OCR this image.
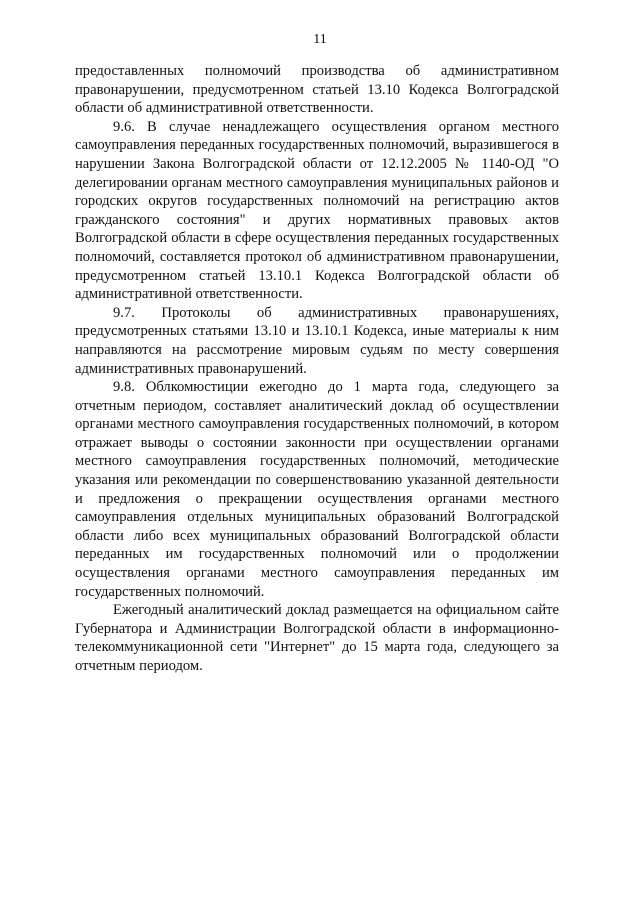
11

предоставленных полномочий производства об административном правонарушении, предусмотренном статьей 13.10 Кодекса Волгоградской области об административной ответственности.

9.6. В случае ненадлежащего осуществления органом местного самоуправления переданных государственных полномочий, выразившегося в нарушении Закона Волгоградской области от 12.12.2005 № 1140-ОД "О делегировании органам местного самоуправления муниципальных районов и городских округов государственных полномочий на регистрацию актов гражданского состояния" и других нормативных правовых актов Волгоградской области в сфере осуществления переданных государственных полномочий, составляется протокол об административном правонарушении, предусмотренном статьей 13.10.1 Кодекса Волгоградской области об административной ответственности.

9.7. Протоколы об административных правонарушениях, предусмотренных статьями 13.10 и 13.10.1 Кодекса, иные материалы к ним направляются на рассмотрение мировым судьям по месту совершения административных правонарушений.

9.8. Облкомюстиции ежегодно до 1 марта года, следующего за отчетным периодом, составляет аналитический доклад об осуществлении органами местного самоуправления государственных полномочий, в котором отражает выводы о состоянии законности при осуществлении органами местного самоуправления государственных полномочий, методические указания или рекомендации по совершенствованию указанной деятельности и предложения о прекращении осуществления органами местного самоуправления отдельных муниципальных образований Волгоградской области либо всех муниципальных образований Волгоградской области переданных им государственных полномочий или о продолжении осуществления органами местного самоуправления переданных им государственных полномочий.

Ежегодный аналитический доклад размещается на официальном сайте Губернатора и Администрации Волгоградской области в информационно-телекоммуникационной сети "Интернет" до 15 марта года, следующего за отчетным периодом.
